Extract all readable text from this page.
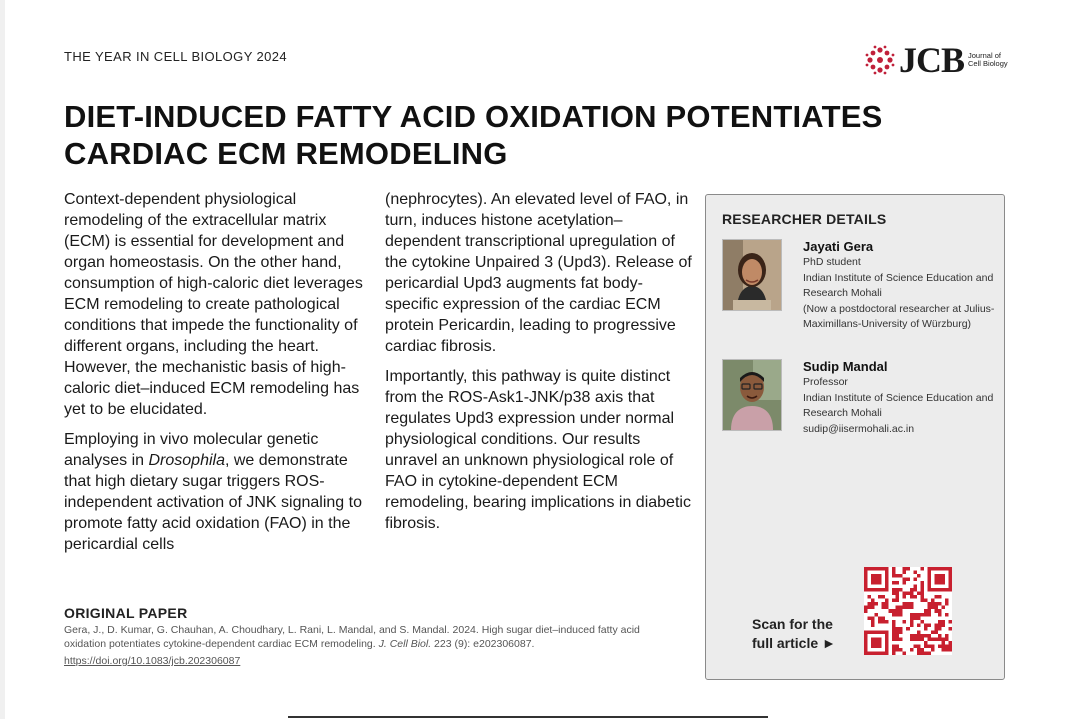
THE YEAR IN CELL BIOLOGY 2024	JCB Journal of
Cell Biology
DIET-INDUCED FATTY ACID OXIDATION POTENTIATES CARDIAC ECM REMODELING

Context-dependent physiological remodeling of the extracellular matrix (ECM) is essential for development and organ homeostasis. On the other hand, consumption of high-caloric diet leverages ECM remodeling to create pathological conditions that impede the functionality of different organs, including the heart. However, the mechanistic basis of high-caloric diet–induced ECM remodeling has yet to be elucidated.

Employing in vivo molecular genetic analyses in Drosophila, we demonstrate that high dietary sugar triggers ROS-independent activation of JNK signaling to promote fatty acid oxidation (FAO) in the pericardial cells

(nephrocytes). An elevated level of FAO, in turn, induces histone acetylation–dependent transcriptional upregulation of the cytokine Unpaired 3 (Upd3). Release of pericardial Upd3 augments fat body-specific expression of the cardiac ECM protein Pericardin, leading to progressive cardiac fibrosis.

Importantly, this pathway is quite distinct from the ROS-Ask1-JNK/p38 axis that regulates Upd3 expression under normal physiological conditions. Our results unravel an unknown physiological role of FAO in cytokine-dependent ECM remodeling, bearing implications in diabetic fibrosis.

ORIGINAL PAPER
Gera, J., D. Kumar, G. Chauhan, A. Choudhary, L. Rani, L. Mandal, and S. Mandal. 2024. High sugar diet–induced fatty acid oxidation potentiates cytokine-dependent cardiac ECM remodeling. J. Cell Biol. 223 (9): e202306087.
https://doi.org/10.1083/jcb.202306087
RESEARCHER DETAILS
Jayati Gera
PhD student
Indian Institute of Science Education and Research Mohali
(Now a postdoctoral researcher at Julius-Maximillans-University of Würzburg)
Sudip Mandal
Professor
Indian Institute of Science Education and Research Mohali
sudip@iisermohali.ac.in
Scan for the
full article ►
